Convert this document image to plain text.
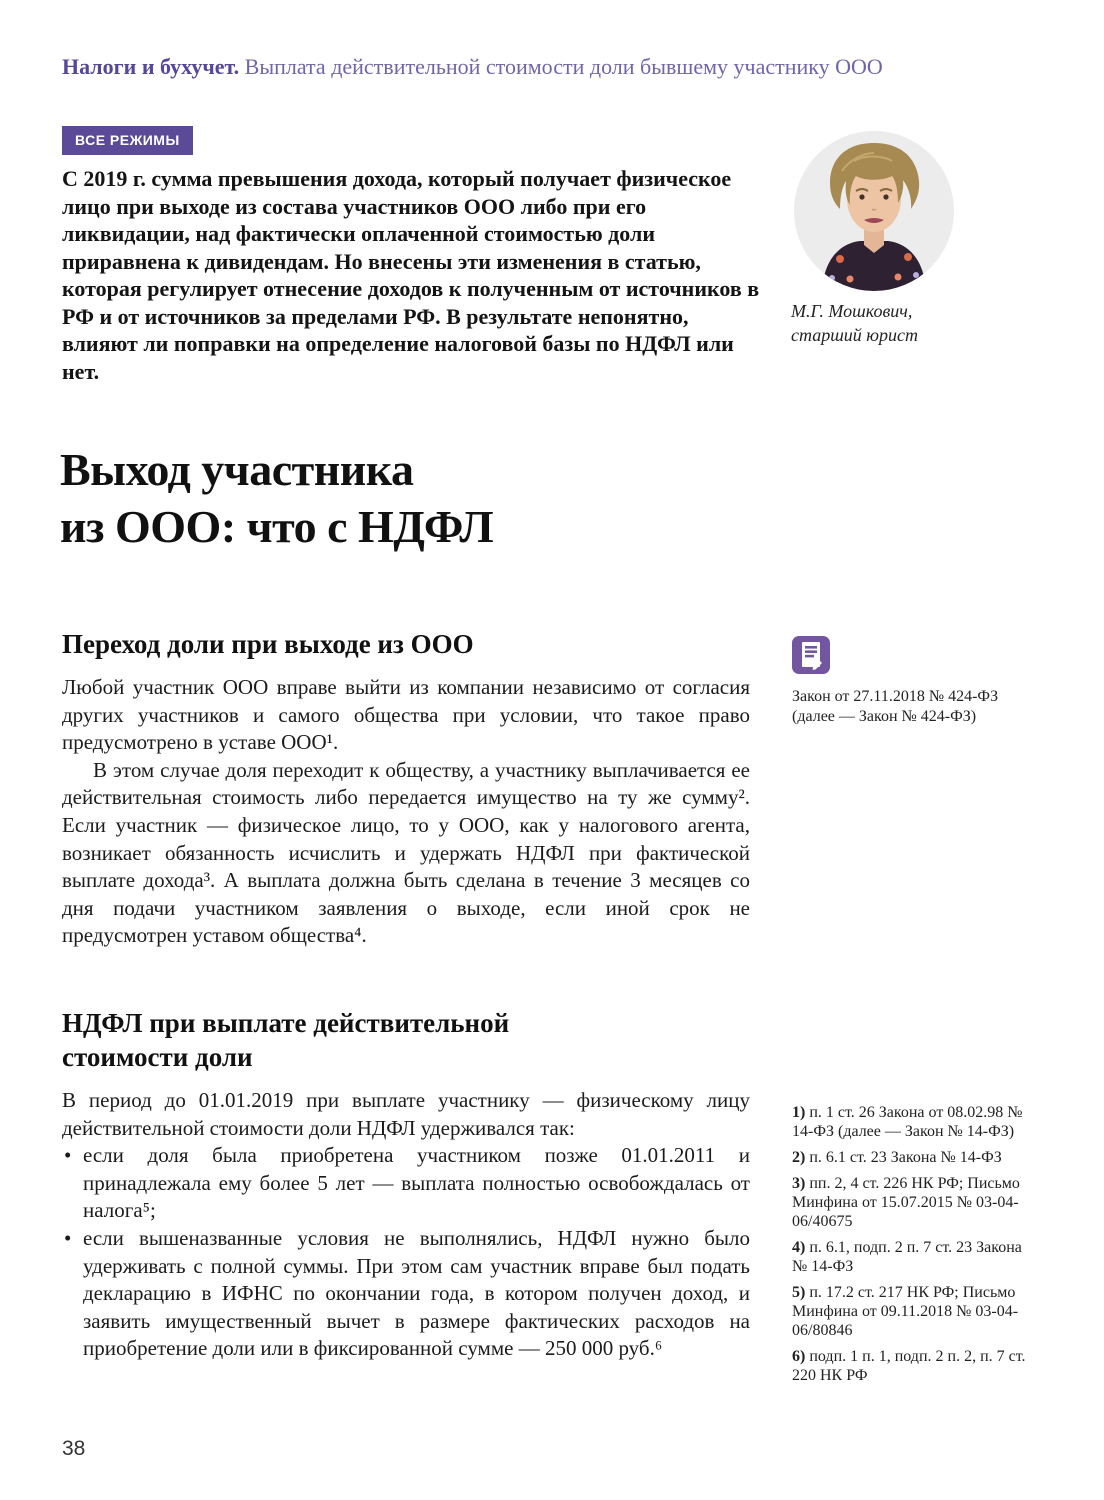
Налоги и бухучет. Выплата действительной стоимости доли бывшему участнику ООО
ВСЕ РЕЖИМЫ
С 2019 г. сумма превышения дохода, который получает физическое лицо при выходе из состава участников ООО либо при его ликвидации, над фактически оплаченной стоимостью доли приравнена к дивидендам. Но внесены эти изменения в статью, которая регулирует отнесение доходов к полученным от источников в РФ и от источников за пределами РФ. В результате непонятно, влияют ли поправки на определение налоговой базы по НДФЛ или нет.
М.Г. Мошкович,
старший юрист
Выход участника
из ООО: что с НДФЛ
Переход доли при выходе из ООО

Любой участник ООО вправе выйти из компании независимо от согласия других участников и самого общества при условии, что такое право предусмотрено в уставе ООО¹.

В этом случае доля переходит к обществу, а участнику выплачивается ее действительная стоимость либо передается имущество на ту же сумму². Если участник — физическое лицо, то у ООО, как у налогового агента, возникает обязанность исчислить и удержать НДФЛ при фактической выплате дохода³. А выплата должна быть сделана в течение 3 месяцев со дня подачи участником заявления о выходе, если иной срок не предусмотрен уставом общества⁴.

НДФЛ при выплате действительной стоимости доли

В период до 01.01.2019 при выплате участнику — физическому лицу действительной стоимости доли НДФЛ удерживался так:

• если доля была приобретена участником позже 01.01.2011 и принадлежала ему более 5 лет — выплата полностью освобождалась от налога⁵;
• если вышеназванные условия не выполнялись, НДФЛ нужно было удерживать с полной суммы. При этом сам участник вправе был подать декларацию в ИФНС по окончании года, в котором получен доход, и заявить имущественный вычет в размере фактических расходов на приобретение доли или в фиксированной сумме — 250 000 руб.⁶
Закон от 27.11.2018 № 424-ФЗ
(далее — Закон № 424-ФЗ)
1) п. 1 ст. 26 Закона от 08.02.98 № 14-ФЗ (далее — Закон № 14-ФЗ)
2) п. 6.1 ст. 23 Закона № 14-ФЗ
3) пп. 2, 4 ст. 226 НК РФ; Письмо Минфина от 15.07.2015 № 03-04-06/40675
4) п. 6.1, подп. 2 п. 7 ст. 23 Закона № 14-ФЗ
5) п. 17.2 ст. 217 НК РФ; Письмо Минфина от 09.11.2018 № 03-04-06/80846
6) подп. 1 п. 1, подп. 2 п. 2, п. 7 ст. 220 НК РФ
38
